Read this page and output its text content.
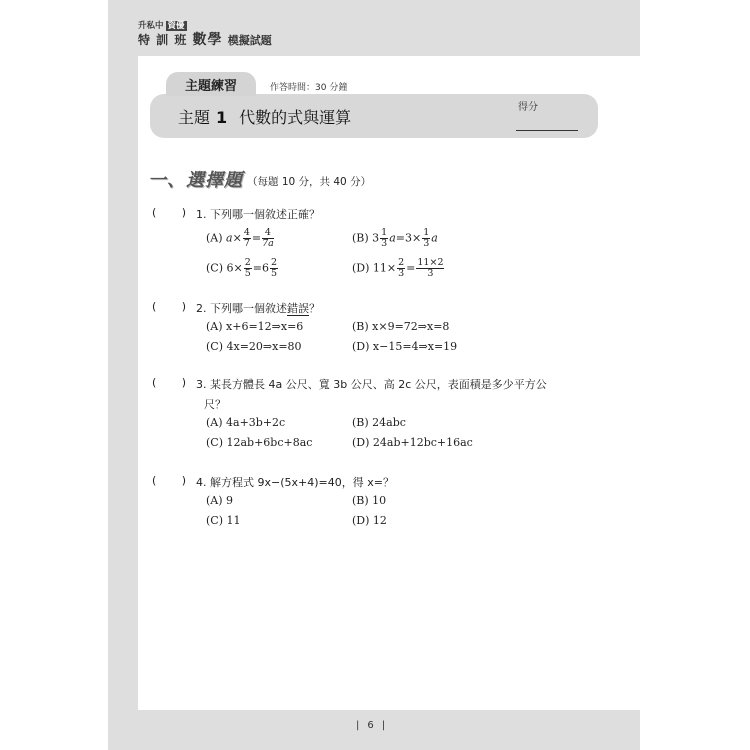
升私中 資優
特 訓 班 數學 模擬試題
主題練習	作答時間：30 分鐘
主題 1 代數的式與運算
得分
一、選擇題 （每題 10 分，共 40 分）
( ) 1. 下列哪一個敘述正確？
(A) $a\times \frac{4}{7} = \frac{4}{7a}$	(B) $3 \frac{1}{3} a=3\times \frac{1}{3}$ a
(C) $6\times \frac{2}{5} =6 \frac{2}{5}$	(D) $11\times \frac{2}{3} = \frac{11\times 2}{3}$
( ) 2. 下列哪一個敘述錯誤？
(A) x+6=12⇒x=6	(B) x×9=72⇒x=8
(C) 4x=20⇒x=80	(D) x−15=4⇒x=19
( ) 3. 某長方體長 4a 公尺、寬 3b 公尺、高 2c 公尺，表面積是多少平方公
尺？
(A) 4a+3b+2c	(B) 24abc
(C) 12ab+6bc+8ac	(D) 24ab+12bc+16ac
( ) 4. 解方程式 9x−(5x+4)=40，得 x=？
(A) 9	(B) 10
(C) 11	(D) 12
| 6 |
